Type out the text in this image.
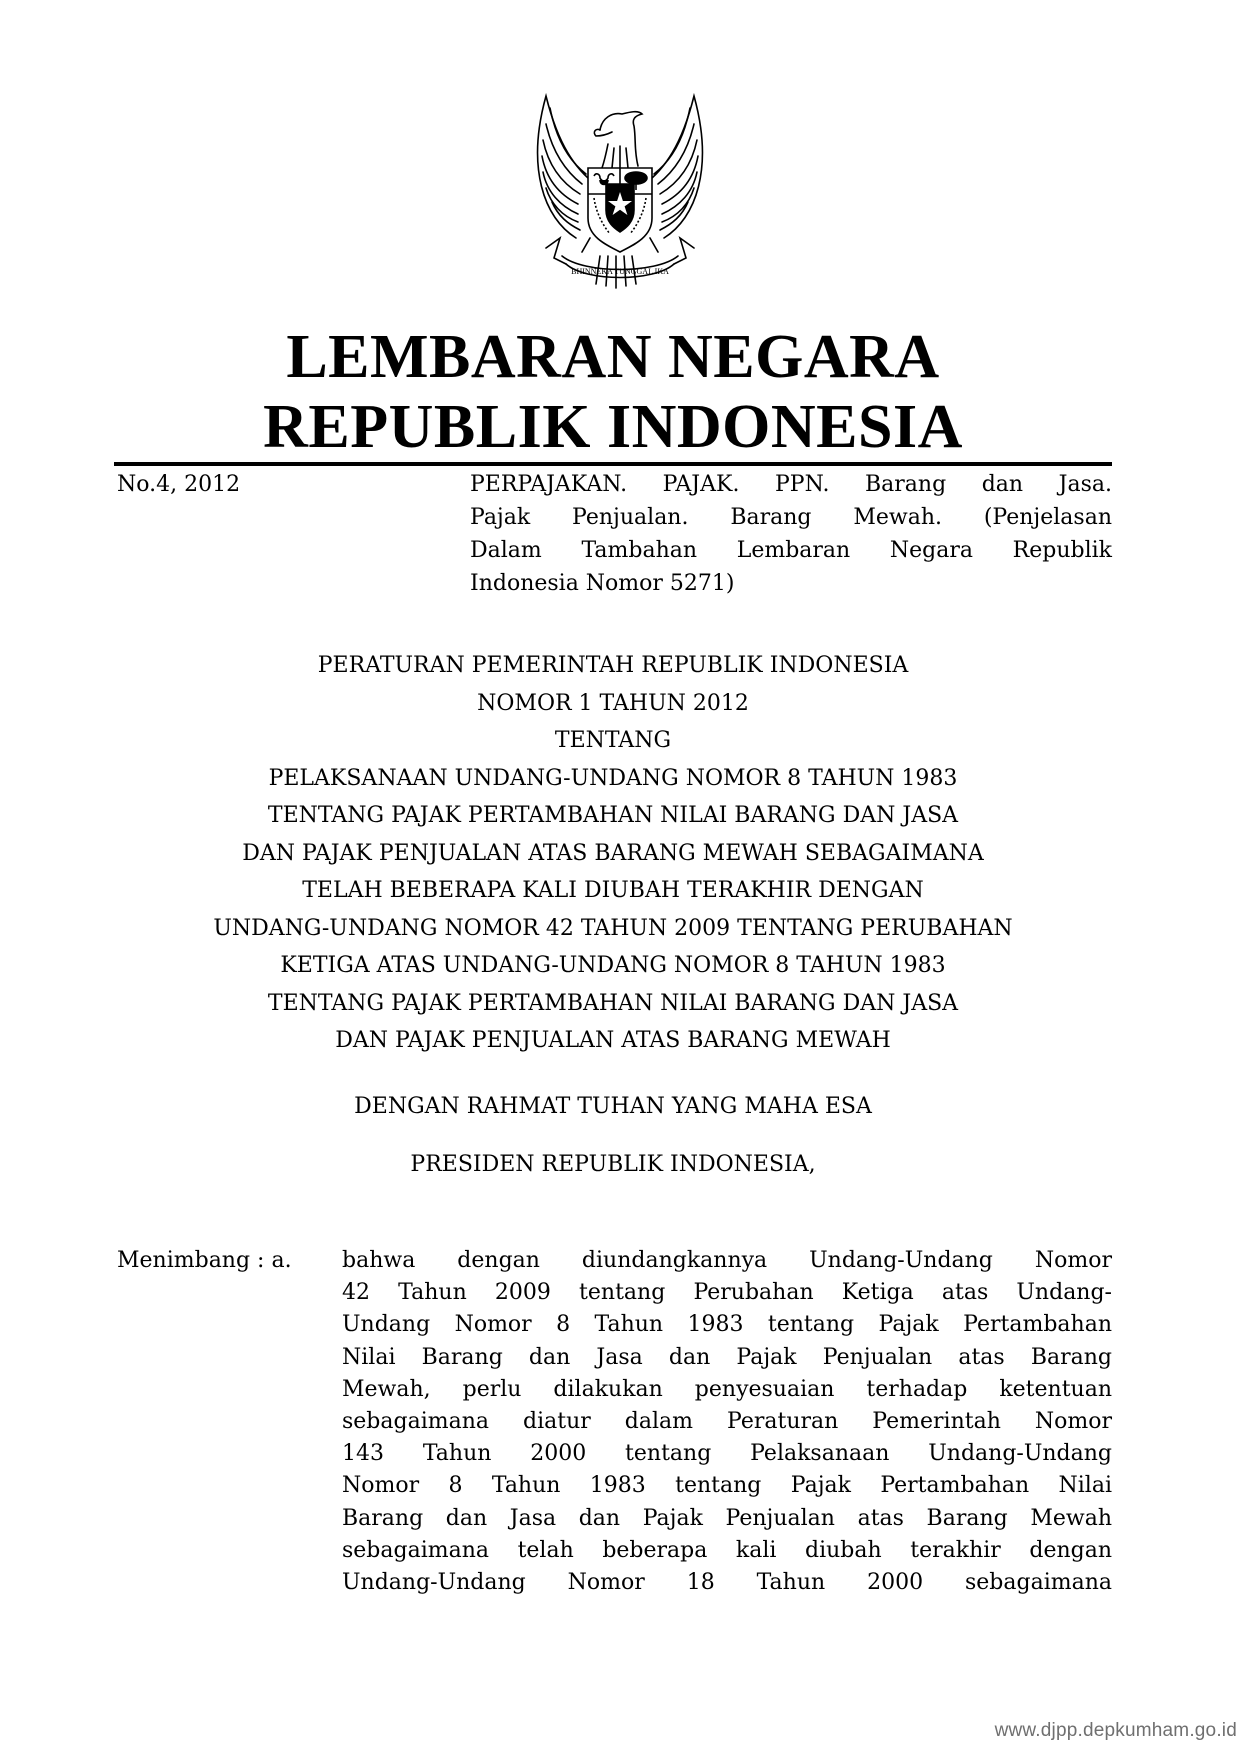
BHINNEKA TUNGGAL IKA
LEMBARAN NEGARA
REPUBLIK INDONESIA
No.4, 2012	PERPAJAKAN. PAJAK. PPN. Barang dan Jasa.
Pajak Penjualan. Barang Mewah. (Penjelasan
Dalam Tambahan Lembaran Negara Republik
Indonesia Nomor 5271)
PERATURAN PEMERINTAH REPUBLIK INDONESIA
NOMOR 1 TAHUN 2012
TENTANG
PELAKSANAAN UNDANG-UNDANG NOMOR 8 TAHUN 1983
TENTANG PAJAK PERTAMBAHAN NILAI BARANG DAN JASA
DAN PAJAK PENJUALAN ATAS BARANG MEWAH SEBAGAIMANA
TELAH BEBERAPA KALI DIUBAH TERAKHIR DENGAN
UNDANG-UNDANG NOMOR 42 TAHUN 2009 TENTANG PERUBAHAN
KETIGA ATAS UNDANG-UNDANG NOMOR 8 TAHUN 1983
TENTANG PAJAK PERTAMBAHAN NILAI BARANG DAN JASA
DAN PAJAK PENJUALAN ATAS BARANG MEWAH
DENGAN RAHMAT TUHAN YANG MAHA ESA
PRESIDEN REPUBLIK INDONESIA,
Menimbang : a. bahwa dengan diundangkannya Undang-Undang Nomor
42 Tahun 2009 tentang Perubahan Ketiga atas Undang-
Undang Nomor 8 Tahun 1983 tentang Pajak Pertambahan
Nilai Barang dan Jasa dan Pajak Penjualan atas Barang
Mewah, perlu dilakukan penyesuaian terhadap ketentuan
sebagaimana diatur dalam Peraturan Pemerintah Nomor
143 Tahun 2000 tentang Pelaksanaan Undang-Undang
Nomor 8 Tahun 1983 tentang Pajak Pertambahan Nilai
Barang dan Jasa dan Pajak Penjualan atas Barang Mewah
sebagaimana telah beberapa kali diubah terakhir dengan
Undang-Undang Nomor 18 Tahun 2000 sebagaimana
www.djpp.depkumham.go.id
